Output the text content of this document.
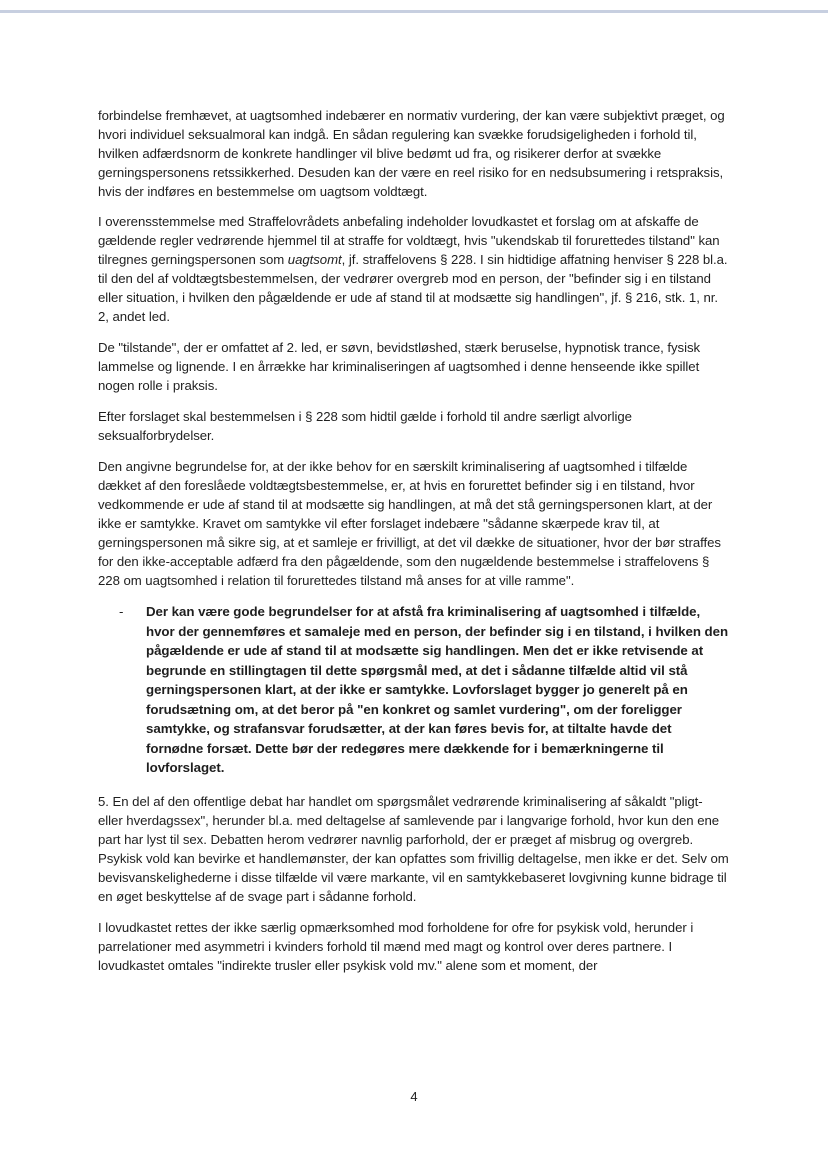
forbindelse fremhævet, at uagtsomhed indebærer en normativ vurdering, der kan være subjektivt præget, og hvori individuel seksualmoral kan indgå. En sådan regulering kan svække forudsigeligheden i forhold til, hvilken adfærdsnorm de konkrete handlinger vil blive bedømt ud fra, og risikerer derfor at svække gerningspersonens retssikkerhed. Desuden kan der være en reel risiko for en nedsubsumering i retspraksis, hvis der indføres en bestemmelse om uagtsom voldtægt.

I overensstemmelse med Straffelovrådets anbefaling indeholder lovudkastet et forslag om at afskaffe de gældende regler vedrørende hjemmel til at straffe for voldtægt, hvis "ukendskab til forurettedes tilstand" kan tilregnes gerningspersonen som uagtsomt, jf. straffelovens § 228. I sin hidtidige affatning henviser § 228 bl.a. til den del af voldtægtsbestemmelsen, der vedrører overgreb mod en person, der "befinder sig i en tilstand eller situation, i hvilken den pågældende er ude af stand til at modsætte sig handlingen", jf. § 216, stk. 1, nr. 2, andet led.

De "tilstande", der er omfattet af 2. led, er søvn, bevidstløshed, stærk beruselse, hypnotisk trance, fysisk lammelse og lignende. I en årrække har kriminaliseringen af uagtsomhed i denne henseende ikke spillet nogen rolle i praksis.

Efter forslaget skal bestemmelsen i § 228 som hidtil gælde i forhold til andre særligt alvorlige seksualforbrydelser.

Den angivne begrundelse for, at der ikke behov for en særskilt kriminalisering af uagtsomhed i tilfælde dækket af den foreslåede voldtægtsbestemmelse, er, at hvis en forurettet befinder sig i en tilstand, hvor vedkommende er ude af stand til at modsætte sig handlingen, at må det stå gerningspersonen klart, at der ikke er samtykke. Kravet om samtykke vil efter forslaget indebære "sådanne skærpede krav til, at gerningspersonen må sikre sig, at et samleje er frivilligt, at det vil dække de situationer, hvor der bør straffes for den ikke-acceptable adfærd fra den pågældende, som den nugældende bestemmelse i straffelovens § 228 om uagtsomhed i relation til forurettedes tilstand må anses for at ville ramme".

- Der kan være gode begrundelser for at afstå fra kriminalisering af uagtsomhed i tilfælde, hvor der gennemføres et samaleje med en person, der befinder sig i en tilstand, i hvilken den pågældende er ude af stand til at modsætte sig handlingen. Men det er ikke retvisende at begrunde en stillingtagen til dette spørgsmål med, at det i sådanne tilfælde altid vil stå gerningspersonen klart, at der ikke er samtykke. Lovforslaget bygger jo generelt på en forudsætning om, at det beror på "en konkret og samlet vurdering", om der foreligger samtykke, og strafansvar forudsætter, at der kan føres bevis for, at tiltalte havde det fornødne forsæt. Dette bør der redegøres mere dækkende for i bemærkningerne til lovforslaget.

5. En del af den offentlige debat har handlet om spørgsmålet vedrørende kriminalisering af såkaldt "pligt- eller hverdagssex", herunder bl.a. med deltagelse af samlevende par i langvarige forhold, hvor kun den ene part har lyst til sex. Debatten herom vedrører navnlig parforhold, der er præget af misbrug og overgreb. Psykisk vold kan bevirke et handlemønster, der kan opfattes som frivillig deltagelse, men ikke er det. Selv om bevisvanskelighederne i disse tilfælde vil være markante, vil en samtykkebaseret lovgivning kunne bidrage til en øget beskyttelse af de svage part i sådanne forhold.

I lovudkastet rettes der ikke særlig opmærksomhed mod forholdene for ofre for psykisk vold, herunder i parrelationer med asymmetri i kvinders forhold til mænd med magt og kontrol over deres partnere. I lovudkastet omtales "indirekte trusler eller psykisk vold mv." alene som et moment, der

4
